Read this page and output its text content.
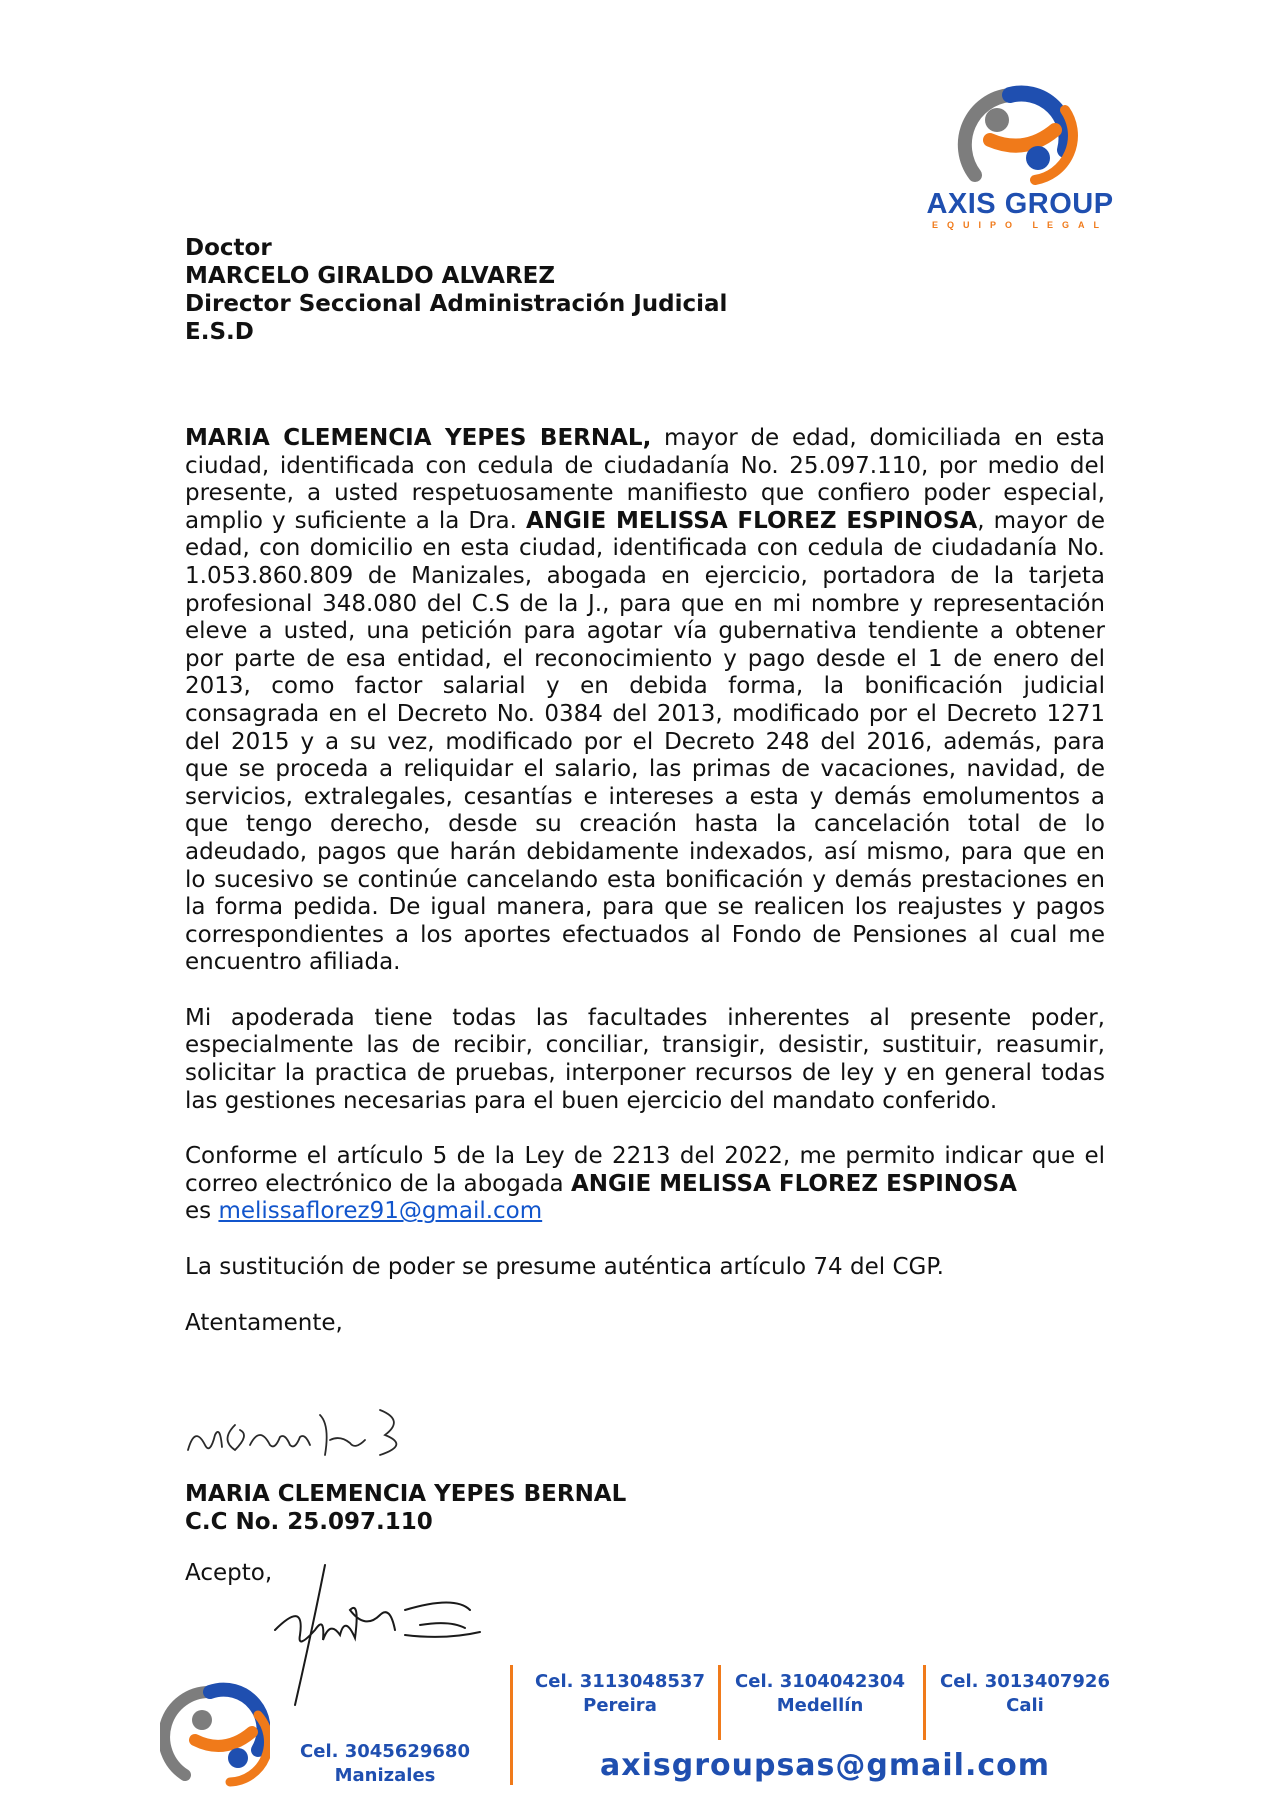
AXIS GROUP
EQUIPO LEGAL
Doctor
MARCELO GIRALDO ALVAREZ
Director Seccional Administración Judicial
E.S.D

MARIA CLEMENCIA YEPES BERNAL, mayor de edad, domiciliada en esta ciudad, identificada con cedula de ciudadanía No. 25.097.110, por medio del presente, a usted respetuosamente manifiesto que confiero poder especial, amplio y suficiente a la Dra. ANGIE MELISSA FLOREZ ESPINOSA, mayor de edad, con domicilio en esta ciudad, identificada con cedula de ciudadanía No. 1.053.860.809 de Manizales, abogada en ejercicio, portadora de la tarjeta profesional 348.080 del C.S de la J., para que en mi nombre y representación eleve a usted, una petición para agotar vía gubernativa tendiente a obtener por parte de esa entidad, el reconocimiento y pago desde el 1 de enero del 2013, como factor salarial y en debida forma, la bonificación judicial consagrada en el Decreto No. 0384 del 2013, modificado por el Decreto 1271 del 2015 y a su vez, modificado por el Decreto 248 del 2016, además, para que se proceda a reliquidar el salario, las primas de vacaciones, navidad, de servicios, extralegales, cesantías e intereses a esta y demás emolumentos a que tengo derecho, desde su creación hasta la cancelación total de lo adeudado, pagos que harán debidamente indexados, así mismo, para que en lo sucesivo se continúe cancelando esta bonificación y demás prestaciones en la forma pedida. De igual manera, para que se realicen los reajustes y pagos correspondientes a los aportes efectuados al Fondo de Pensiones al cual me encuentro afiliada.

Mi apoderada tiene todas las facultades inherentes al presente poder, especialmente las de recibir, conciliar, transigir, desistir, sustituir, reasumir, solicitar la practica de pruebas, interponer recursos de ley y en general todas las gestiones necesarias para el buen ejercicio del mandato conferido.

Conforme el artículo 5 de la Ley de 2213 del 2022, me permito indicar que el correo electrónico de la abogada ANGIE MELISSA FLOREZ ESPINOSA
es melissaflorez91@gmail.com

La sustitución de poder se presume auténtica artículo 74 del CGP.

Atentamente,

MARIA CLEMENCIA YEPES BERNAL
C.C No. 25.097.110
Acepto,
Cel. 3045629680
Manizales
Cel. 3113048537
Pereira
Cel. 3104042304
Medellín
Cel. 3013407926
Cali
axisgroupsas@gmail.com
